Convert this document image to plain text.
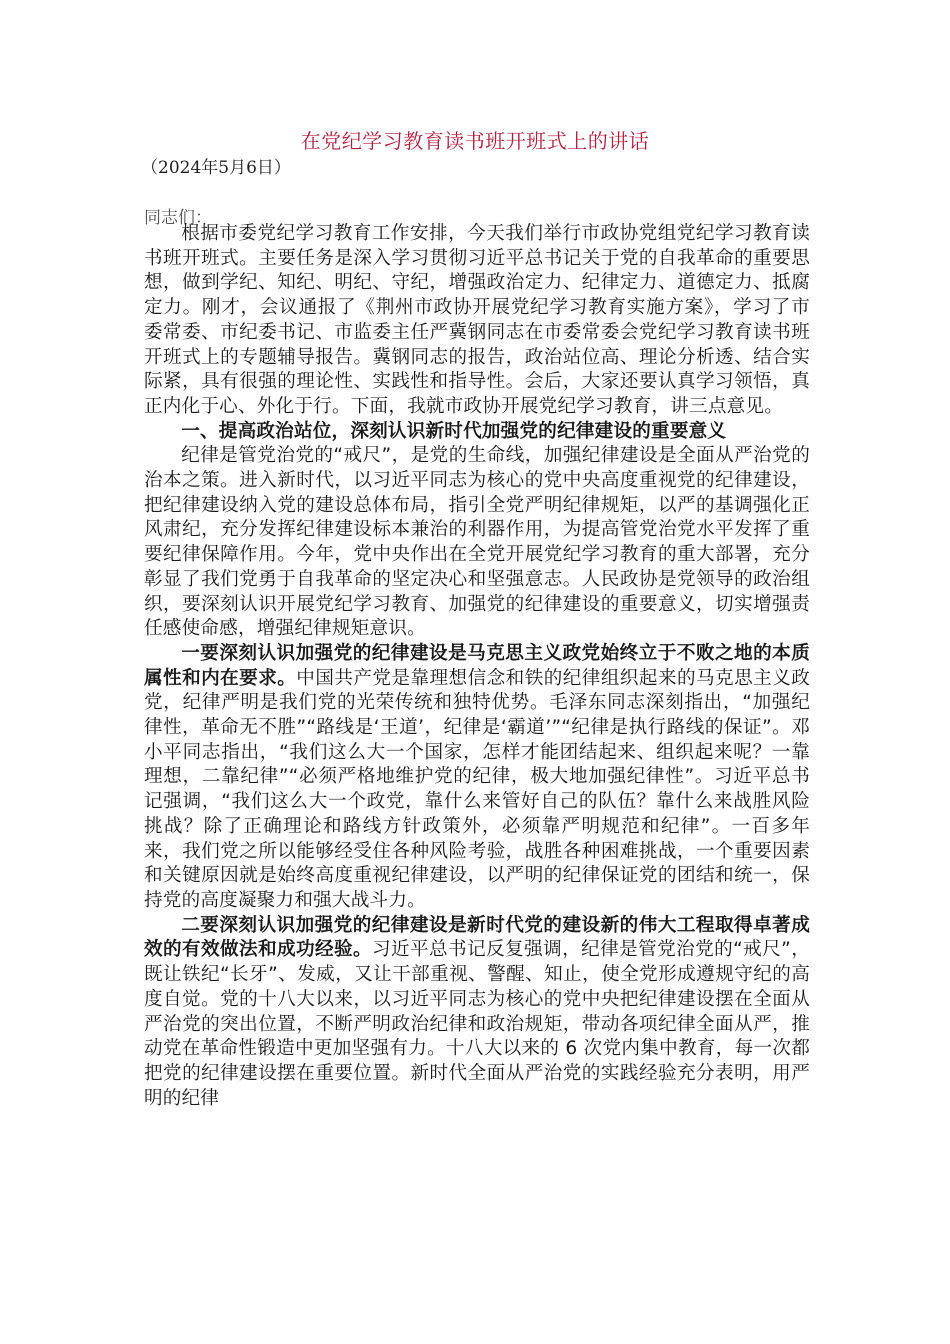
在党纪学习教育读书班开班式上的讲话
（2024年5月6日）
同志们：

根据市委党纪学习教育工作安排，今天我们举行市政协党组党纪学习教育读书班开班式。主要任务是深入学习贯彻习近平总书记关于党的自我革命的重要思想，做到学纪、知纪、明纪、守纪，增强政治定力、纪律定力、道德定力、抵腐定力。刚才，会议通报了《荆州市政协开展党纪学习教育实施方案》，学习了市委常委、市纪委书记、市监委主任严冀钢同志在市委常委会党纪学习教育读书班开班式上的专题辅导报告。冀钢同志的报告，政治站位高、理论分析透、结合实际紧，具有很强的理论性、实践性和指导性。会后，大家还要认真学习领悟，真正内化于心、外化于行。下面，我就市政协开展党纪学习教育，讲三点意见。

一、提高政治站位，深刻认识新时代加强党的纪律建设的重要意义

纪律是管党治党的“戒尺”，是党的生命线，加强纪律建设是全面从严治党的治本之策。进入新时代，以习近平同志为核心的党中央高度重视党的纪律建设，把纪律建设纳入党的建设总体布局，指引全党严明纪律规矩，以严的基调强化正风肃纪，充分发挥纪律建设标本兼治的利器作用，为提高管党治党水平发挥了重要纪律保障作用。今年，党中央作出在全党开展党纪学习教育的重大部署，充分彰显了我们党勇于自我革命的坚定决心和坚强意志。人民政协是党领导的政治组织，要深刻认识开展党纪学习教育、加强党的纪律建设的重要意义，切实增强责任感使命感，增强纪律规矩意识。

一要深刻认识加强党的纪律建设是马克思主义政党始终立于不败之地的本质属性和内在要求。中国共产党是靠理想信念和铁的纪律组织起来的马克思主义政党，纪律严明是我们党的光荣传统和独特优势。毛泽东同志深刻指出，“加强纪律性，革命无不胜”“路线是‘王道’，纪律是‘霸道’”“纪律是执行路线的保证”。邓小平同志指出，“我们这么大一个国家，怎样才能团结起来、组织起来呢？一靠理想，二靠纪律”“必须严格地维护党的纪律，极大地加强纪律性”。习近平总书记强调，“我们这么大一个政党，靠什么来管好自己的队伍？靠什么来战胜风险挑战？除了正确理论和路线方针政策外，必须靠严明规范和纪律”。一百多年来，我们党之所以能够经受住各种风险考验，战胜各种困难挑战，一个重要因素和关键原因就是始终高度重视纪律建设，以严明的纪律保证党的团结和统一，保持党的高度凝聚力和强大战斗力。

二要深刻认识加强党的纪律建设是新时代党的建设新的伟大工程取得卓著成效的有效做法和成功经验。习近平总书记反复强调，纪律是管党治党的“戒尺”，既让铁纪“长牙”、发威，又让干部重视、警醒、知止，使全党形成遵规守纪的高度自觉。党的十八大以来，以习近平同志为核心的党中央把纪律建设摆在全面从严治党的突出位置，不断严明政治纪律和政治规矩，带动各项纪律全面从严，推动党在革命性锻造中更加坚强有力。十八大以来的 6 次党内集中教育，每一次都把党的纪律建设摆在重要位置。新时代全面从严治党的实践经验充分表明，用严明的纪律
